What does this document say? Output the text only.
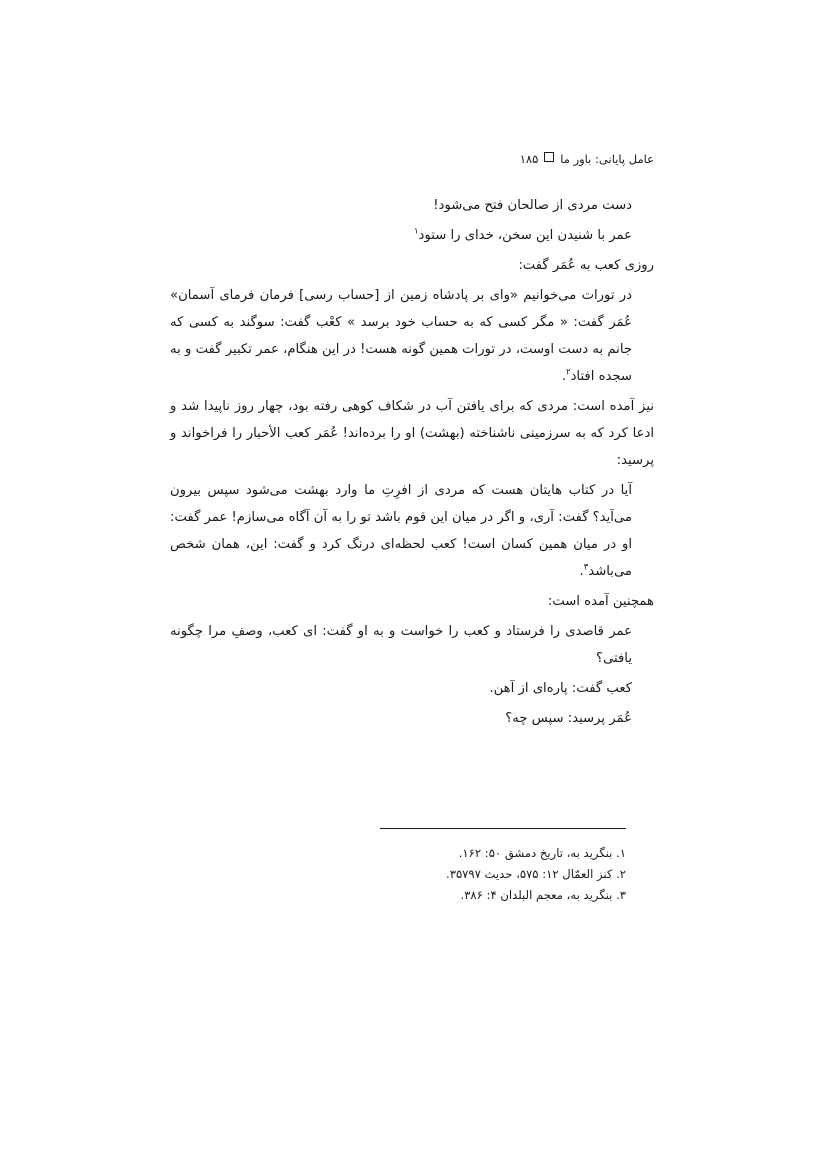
عامل پایانی: باور ما۱۸۵

دست مردی از صالحان فتح می‌شود!

عمر با شنیدن این سخن، خدای را ستود$^۱$

روزی کعب به عُمَر گفت:

در تورات می‌خوانیم «وای بر پادشاه زمین از [حساب رسی] فرمان فرمای آسمان» عُمَر گفت: « مگر کسی که به حساب خود برسد » کعْب گفت: سوگند به کسی که جانم به دست اوست، در تورات همین گونه هست! در این هنگام، عمر تکبیر گفت و به سجده افتاد$^۲$.

نیز آمده است: مردی که برای یافتن آب در شکاف کوهی رفته بود، چهار روز ناپیدا شد و ادعا کرد که به سرزمینی ناشناخته (بهشت) او را برده‌اند! عُمَر کعب الأحبار را فراخواند و پرسید:

آیا در کتاب هایتان هست که مردی از افرِتِ ما وارد بهشت می‌شود سپس بیرون می‌آید؟ گفت: آری، و اگر در میان این قوم باشد تو را به آن آگاه می‌سازم! عمر گفت: او در میان همین کسان است! کعب لحظه‌ای درنگ کرد و گفت: این، همان شخص می‌باشد$^۳$.

همچنین آمده است:

عمر قاصدی را فرستاد و کعب را خواست و به او گفت: ای کعب، وصفِ مرا چگونه یافتی؟

کعب گفت: پاره‌ای از آهن.

عُمَر پرسید: سپس چه؟

۱. بنگرید به، تاریخ دمشق ۵۰: ۱۶۲.
۲. کنز العمّال ۱۲: ۵۷۵، حدیث ۳۵۷۹۷.
۳. بنگرید به، معجم البلدان ۴: ۳۸۶.
